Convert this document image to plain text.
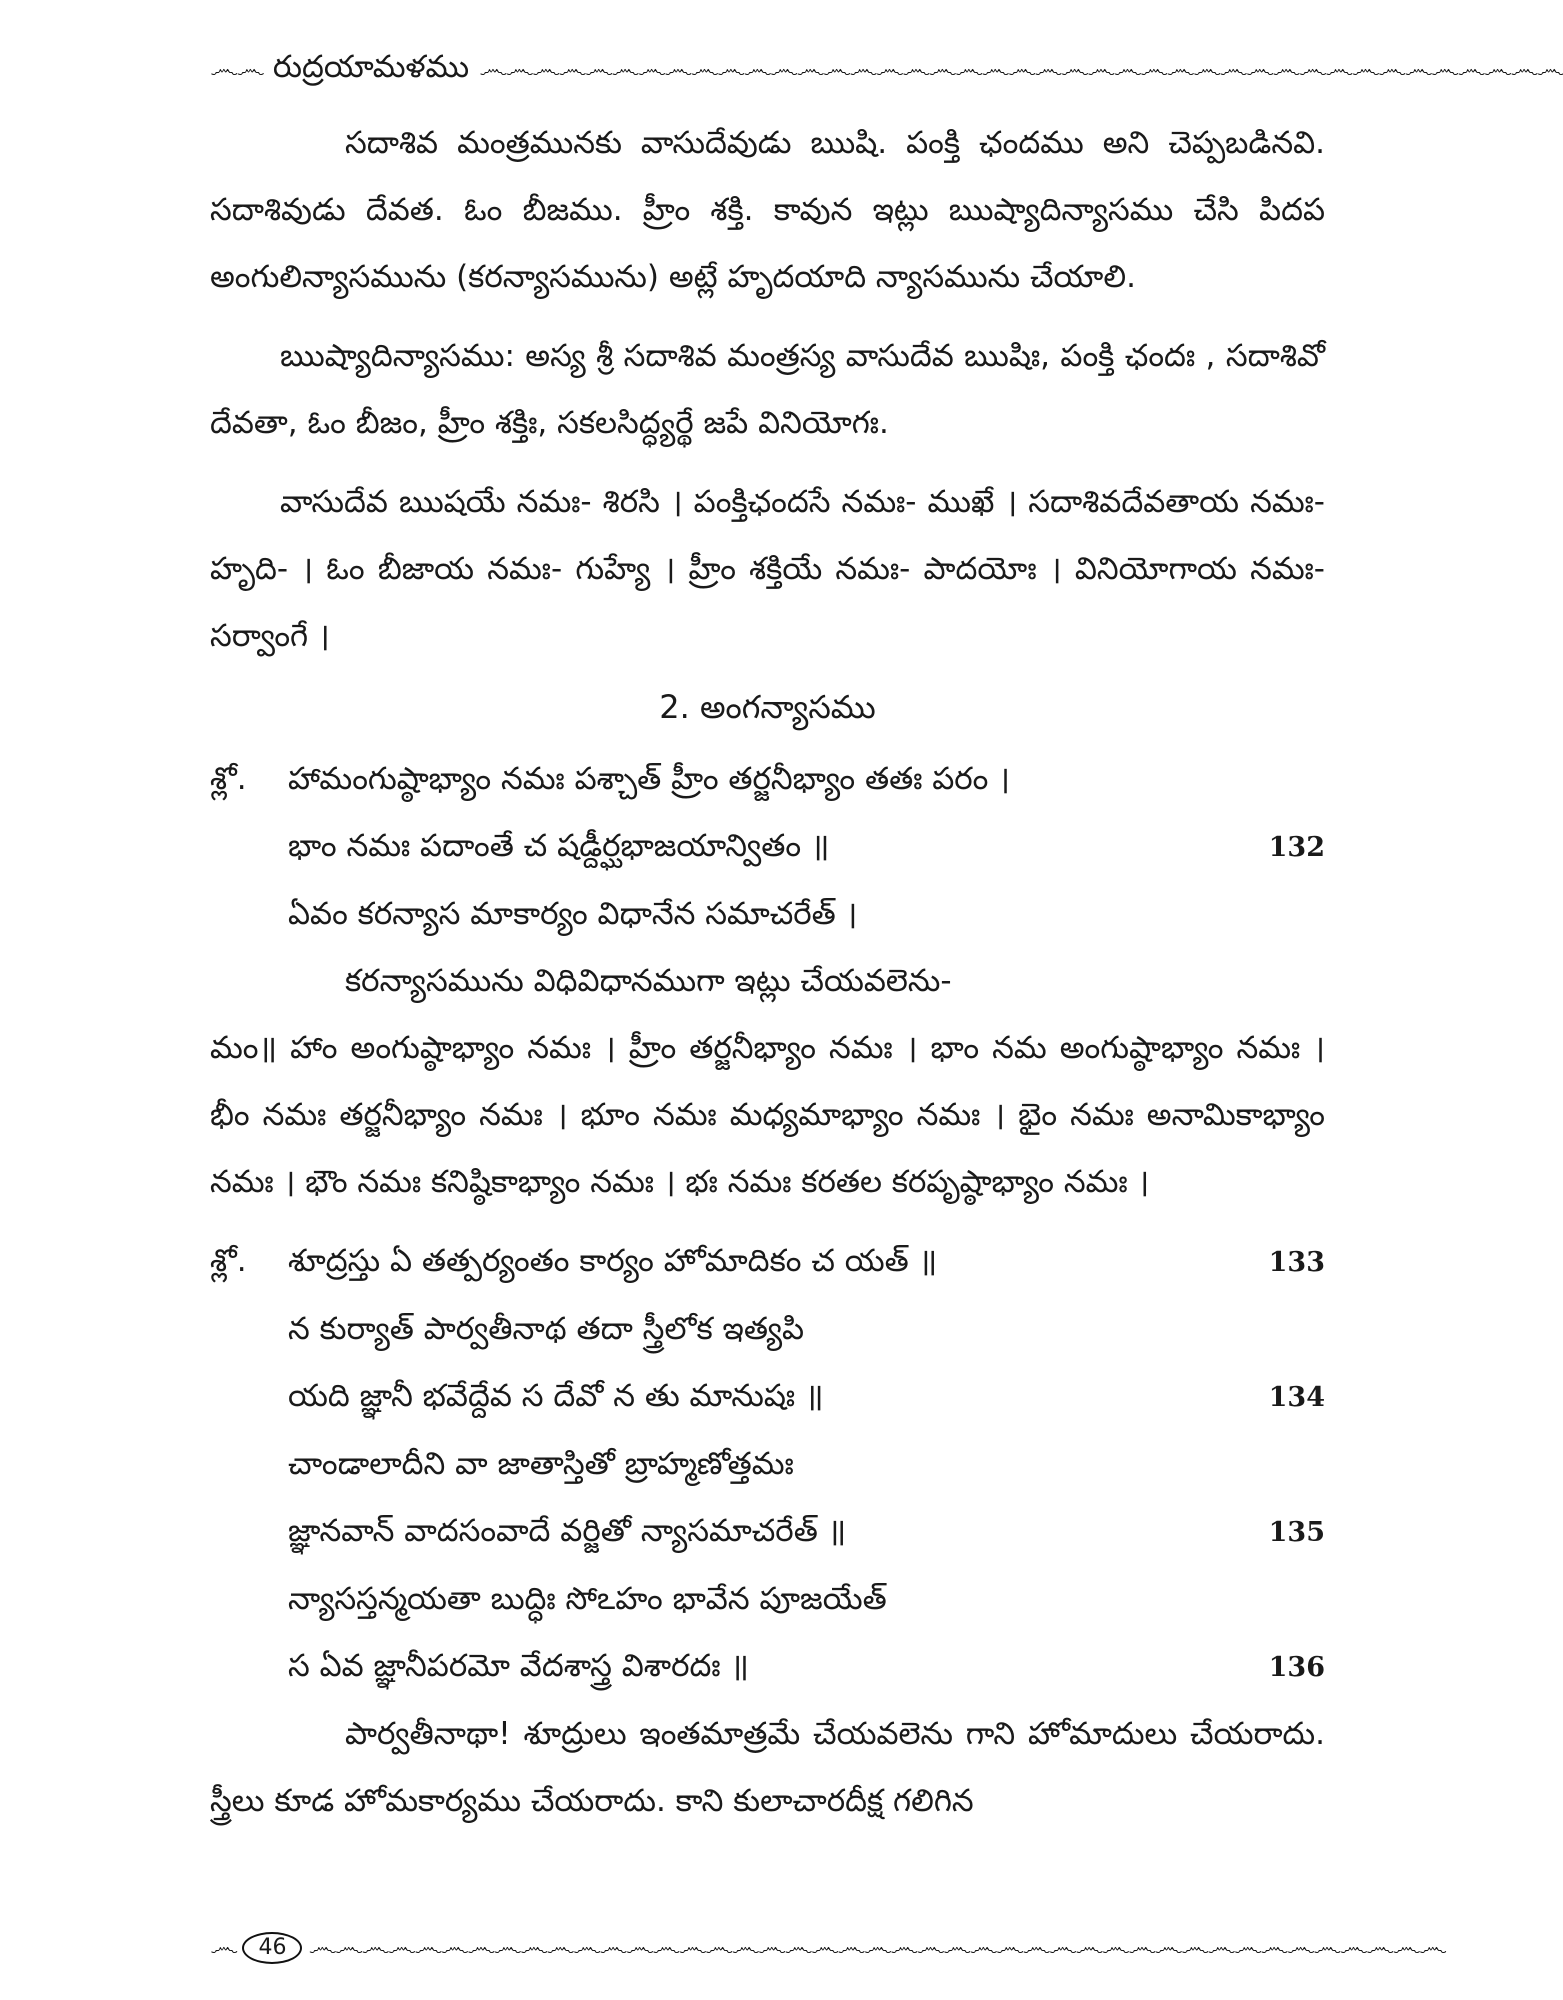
෴෴ రుద్రయామళము ෴෴෴෴෴෴෴෴෴෴෴෴෴෴෴෴෴෴෴෴෴෴෴෴෴෴෴෴෴෴෴෴෴෴෴෴෴෴෴෴෴

సదాశివ మంత్రమునకు వాసుదేవుడు ఋషి. పంక్తి ఛందము అని చెప్పబడినవి. సదాశివుడు దేవత. ఓం బీజము. హ్రీం శక్తి. కావున ఇట్లు ఋష్యాదిన్యాసము చేసి పిదప అంగులిన్యాసమును (కరన్యాసమును) అట్లే హృదయాది న్యాసమును చేయాలి.

ఋష్యాదిన్యాసము: అస్య శ్రీ సదాశివ మంత్రస్య వాసుదేవ ఋషిః, పంక్తి ఛందః , సదాశివో దేవతా, ఓం బీజం, హ్రీం శక్తిః, సకలసిద్ధ్యర్థే జపే వినియోగః.

వాసుదేవ ఋషయే నమః- శిరసి । పంక్తిఛందసే నమః- ముఖే । సదాశివదేవతాయ నమః- హృది- । ఓం బీజాయ నమః- గుహ్యే । హ్రీం శక్తియే నమః- పాదయోః । వినియోగాయ నమః- సర్వాంగే ।

2. అంగన్యాసము
శ్లో.	హామంగుష్ఠాభ్యాం నమః పశ్చాత్ హ్రీం తర్జనీభ్యాం తతః పరం ।
భాం నమః పదాంతే చ షడ్దీర్ఘభాజయాన్వితం ॥	132
ఏవం కరన్యాస మాకార్యం విధానేన సమాచరేత్ ।

కరన్యాసమును విధివిధానముగా ఇట్లు చేయవలెను-

మం॥ హాం అంగుష్ఠాభ్యాం నమః । హ్రీం తర్జనీభ్యాం నమః । భాం నమ అంగుష్ఠాభ్యాం నమః । భీం నమః తర్జనీభ్యాం నమః । భూం నమః మధ్యమాభ్యాం నమః । భైం నమః అనామికాభ్యాం నమః । భౌం నమః కనిష్ఠికాభ్యాం నమః । భః నమః కరతల కరపృష్ఠాభ్యాం నమః ।

శ్లో.	శూద్రస్తు ఏ తత్పర్యంతం కార్యం హోమాదికం చ యత్ ॥	133
న కుర్యాత్ పార్వతీనాథ తదా స్త్రీలోక ఇత్యపి
యది జ్ఞానీ భవేద్దేవ స దేవో న తు మానుషః ॥	134
చాండాలాదీని వా జాతాస్తితో బ్రాహ్మణోత్తమః
జ్ఞానవాన్ వాదసంవాదే వర్జితో న్యాసమాచరేత్ ॥	135
న్యాసస్తన్మయతా బుద్ధిః సోఽహం భావేన పూజయేత్
స ఏవ జ్ఞానీపరమో వేదశాస్త్ర విశారదః ॥	136

పార్వతీనాథా! శూద్రులు ఇంతమాత్రమే చేయవలెను గాని హోమాదులు చేయరాదు. స్త్రీలు కూడ హోమకార్యము చేయరాదు. కాని కులాచారదీక్ష గలిగిన

෴	46 ෴෴෴෴෴෴෴෴෴෴෴෴෴෴෴෴෴෴෴෴෴෴෴෴෴෴෴෴෴෴෴෴෴෴෴෴෴෴෴෴෴෴෴
